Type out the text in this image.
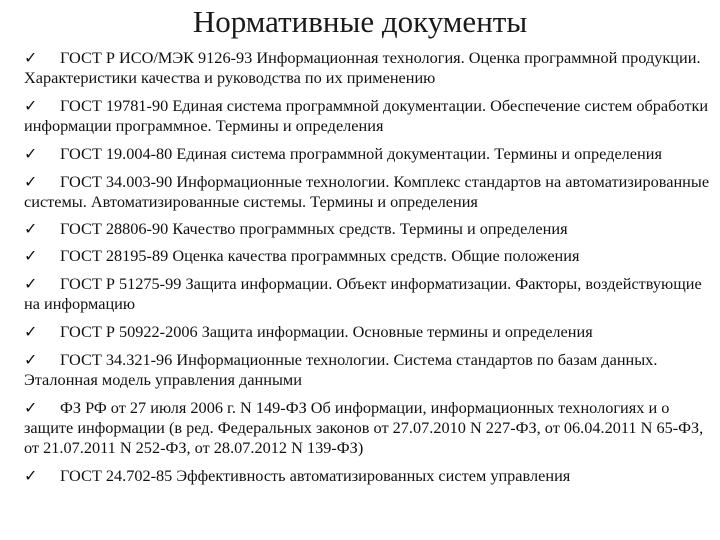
Нормативные документы
✓ ГОСТ Р ИСО/МЭК 9126-93 Информационная технология. Оценка программной продукции. Характеристики качества и руководства по их применению
✓ ГОСТ 19781-90 Единая система программной документации. Обеспечение систем обработки информации программное. Термины и определения
✓ ГОСТ 19.004-80 Единая система программной документации. Термины и определения
✓ ГОСТ 34.003-90 Информационные технологии. Комплекс стандартов на автоматизированные системы. Автоматизированные системы. Термины и определения
✓ ГОСТ 28806-90 Качество программных средств. Термины и определения
✓ ГОСТ 28195-89 Оценка качества программных средств. Общие положения
✓ ГОСТ Р 51275-99 Защита информации. Объект информатизации. Факторы, воздействующие на информацию
✓ ГОСТ Р 50922-2006 Защита информации. Основные термины и определения
✓ ГОСТ 34.321-96 Информационные технологии. Система стандартов по базам данных. Эталонная модель управления данными
✓ ФЗ РФ от 27 июля 2006 г. N 149-ФЗ Об информации, информационных технологиях и о защите информации (в ред. Федеральных законов от 27.07.2010 N 227-ФЗ, от 06.04.2011 N 65-ФЗ, от 21.07.2011 N 252-ФЗ, от 28.07.2012 N 139-ФЗ)
✓ ГОСТ 24.702-85 Эффективность автоматизированных систем управления
